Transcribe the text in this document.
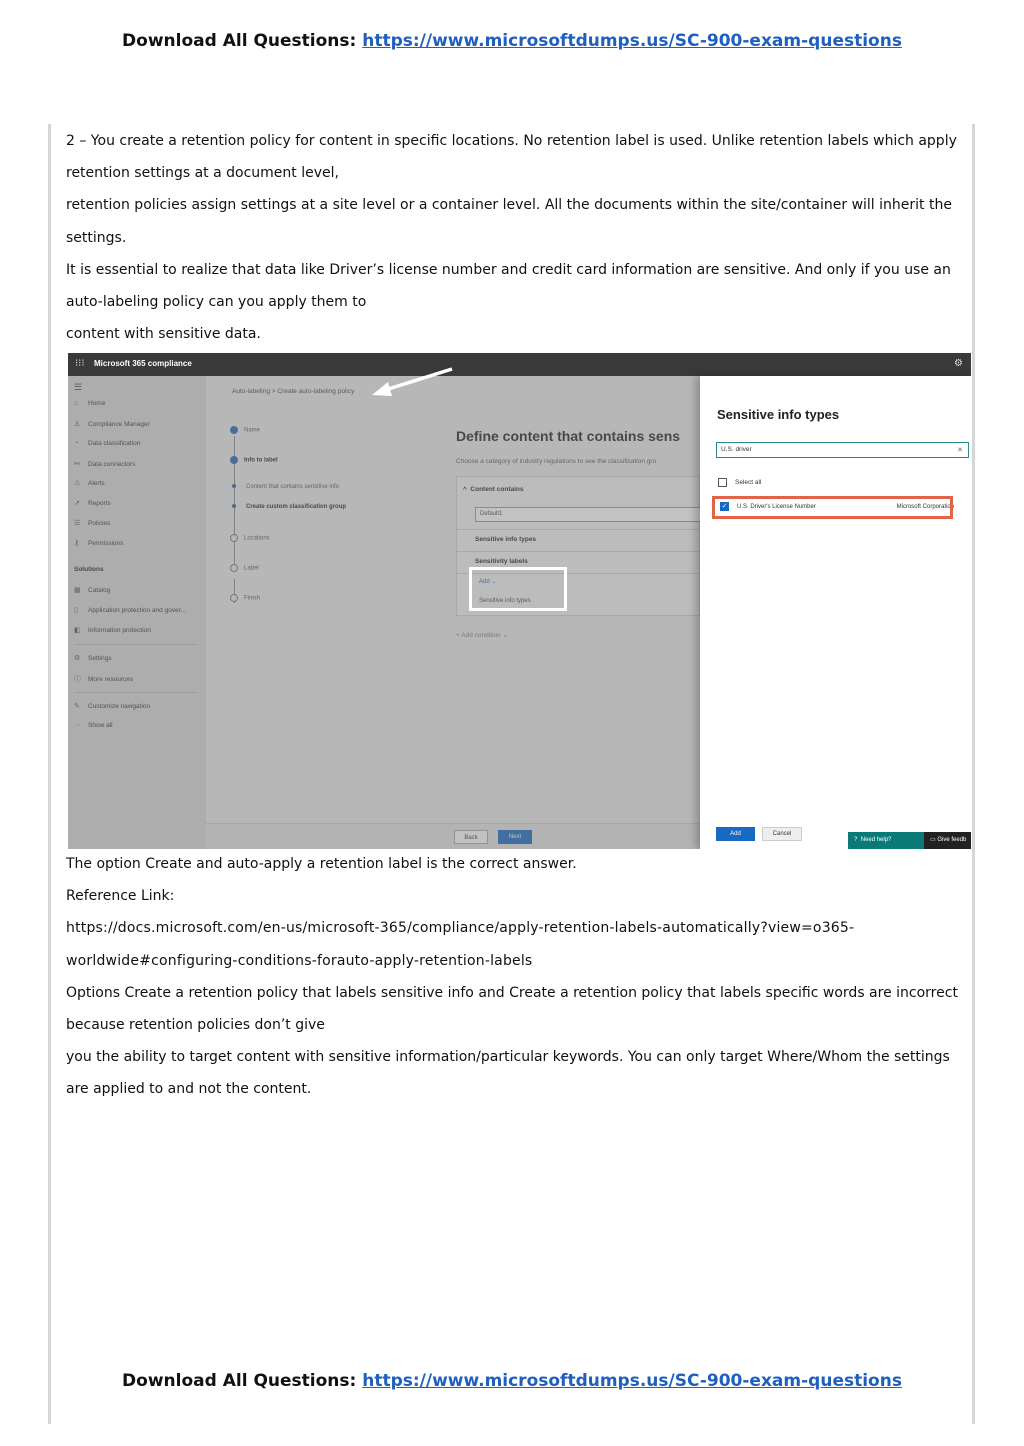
Download All Questions: https://www.microsoftdumps.us/SC-900-exam-questions

2 – You create a retention policy for content in specific locations. No retention label is used. Unlike retention labels which apply retention settings at a document level,

retention policies assign settings at a site level or a container level. All the documents within the site/container will inherit the settings.

It is essential to realize that data like Driver’s license number and credit card information are sensitive. And only if you use an auto-labeling policy can you apply them to

content with sensitive data.

⁝⁝⁝ Microsoft 365 compliance	⚙
☰
⌂ Home
♙ Compliance Manager
◔ Data classification
⚯ Data connectors
⚠ Alerts
↗ Reports
☰ Policies
⚷ Permissions
Solutions
▦ Catalog
▯ Application protection and gover...
◧ Information protection
⚙ Settings
ⓘ More resources
✎ Customize navigation
··· Show all
Auto-labeling > Create auto-labeling policy
Name
Info to label
Content that contains sensitive info
Create custom classification group
Locations
Label
Finish
Define content that contains sens
Choose a category of industry regulations to see the classification gro
^  Content contains
Default1
Sensitive info types
Sensitivity labels
Add ⌄
Sensitive info types
+ Add condition ⌄
Back	Next
Sensitive info types
U.S. driver	✕
Select all
✓ U.S. Driver's License Number	Microsoft Corporation
Add	Cancel
? Need help?	▭ Give feedb

The option Create and auto-apply a retention label is the correct answer.

Reference Link:

https://docs.microsoft.com/en-us/microsoft-365/compliance/apply-retention-labels-automatically?view=o365-worldwide#configuring-conditions-forauto-apply-retention-labels

Options Create a retention policy that labels sensitive info and Create a retention policy that labels specific words are incorrect because retention policies don’t give

you the ability to target content with sensitive information/particular keywords. You can only target Where/Whom the settings are applied to and not the content.

Download All Questions: https://www.microsoftdumps.us/SC-900-exam-questions
